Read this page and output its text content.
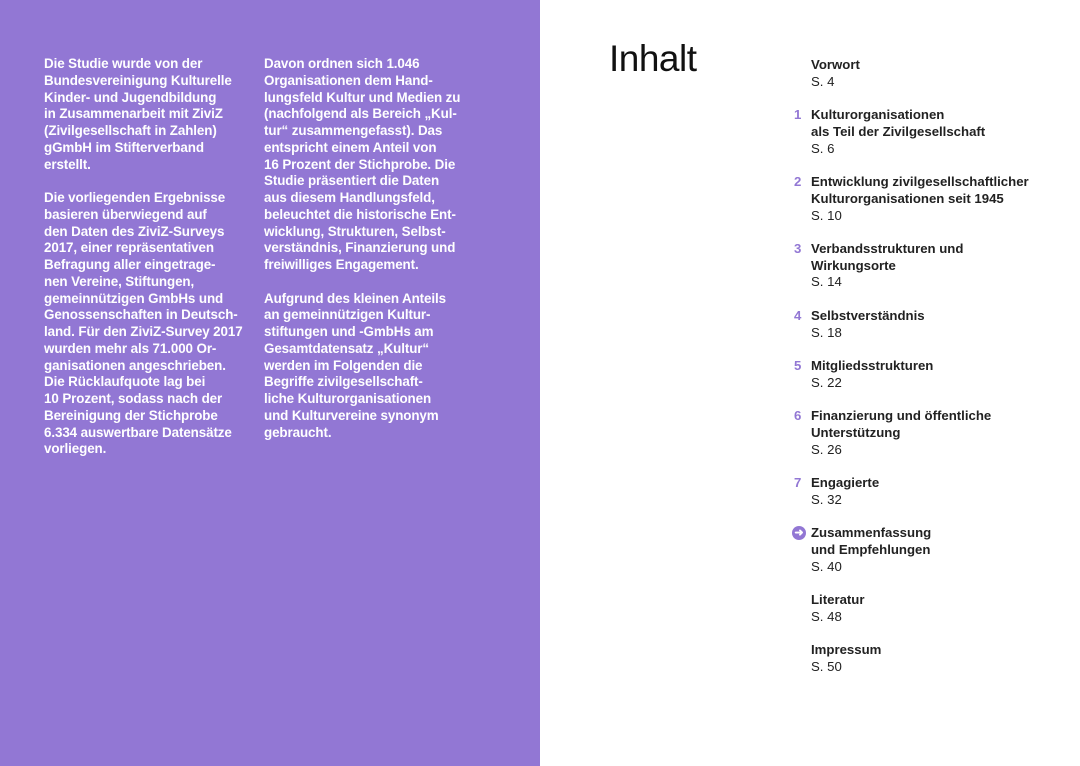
Die Studie wurde von der
Bundesvereinigung Kulturelle
Kinder- und Jugendbildung
in Zusammenarbeit mit ZiviZ
(Zivilgesellschaft in Zahlen)
gGmbH im Stifterverband
erstellt.

Die vorliegenden Ergebnisse
basieren überwiegend auf
den Daten des ZiviZ-Surveys
2017, einer repräsentativen
Befragung aller eingetrage-
nen Vereine, Stiftungen,
gemeinnützigen GmbHs und
Genossenschaften in Deutsch-
land. Für den ZiviZ-Survey 2017
wurden mehr als 71.000 Or-
ganisationen angeschrieben.
Die Rücklaufquote lag bei
10 Prozent, sodass nach der
Bereinigung der Stichprobe
6.334 auswertbare Datensätze
vorliegen.

Davon ordnen sich 1.046
Organisationen dem Hand-
lungsfeld Kultur und Medien zu
(nachfolgend als Bereich „Kul-
tur“ zusammengefasst). Das
entspricht einem Anteil von
16 Prozent der Stichprobe. Die
Studie präsentiert die Daten
aus diesem Handlungsfeld,
beleuchtet die historische Ent-
wicklung, Strukturen, Selbst-
verständnis, Finanzierung und
freiwilliges Engagement.

Aufgrund des kleinen Anteils
an gemeinnützigen Kultur-
stiftungen und -GmbHs am
Gesamtdatensatz „Kultur“
werden im Folgenden die
Begriffe zivilgesellschaft-
liche Kulturorganisationen
und Kulturvereine synonym
gebraucht.

Inhalt	Vorwort
S. 4
1 Kulturorganisationen
als Teil der Zivilgesellschaft
S. 6
2 Entwicklung zivilgesellschaftlicher
Kulturorganisationen seit 1945
S. 10
3 Verbandsstrukturen und
Wirkungsorte
S. 14
4 Selbstverständnis
S. 18
5 Mitgliedsstrukturen
S. 22
6 Finanzierung und öffentliche
Unterstützung
S. 26
7 Engagierte
S. 32
➜ Zusammenfassung
und Empfehlungen
S. 40
Literatur
S. 48
Impressum
S. 50
